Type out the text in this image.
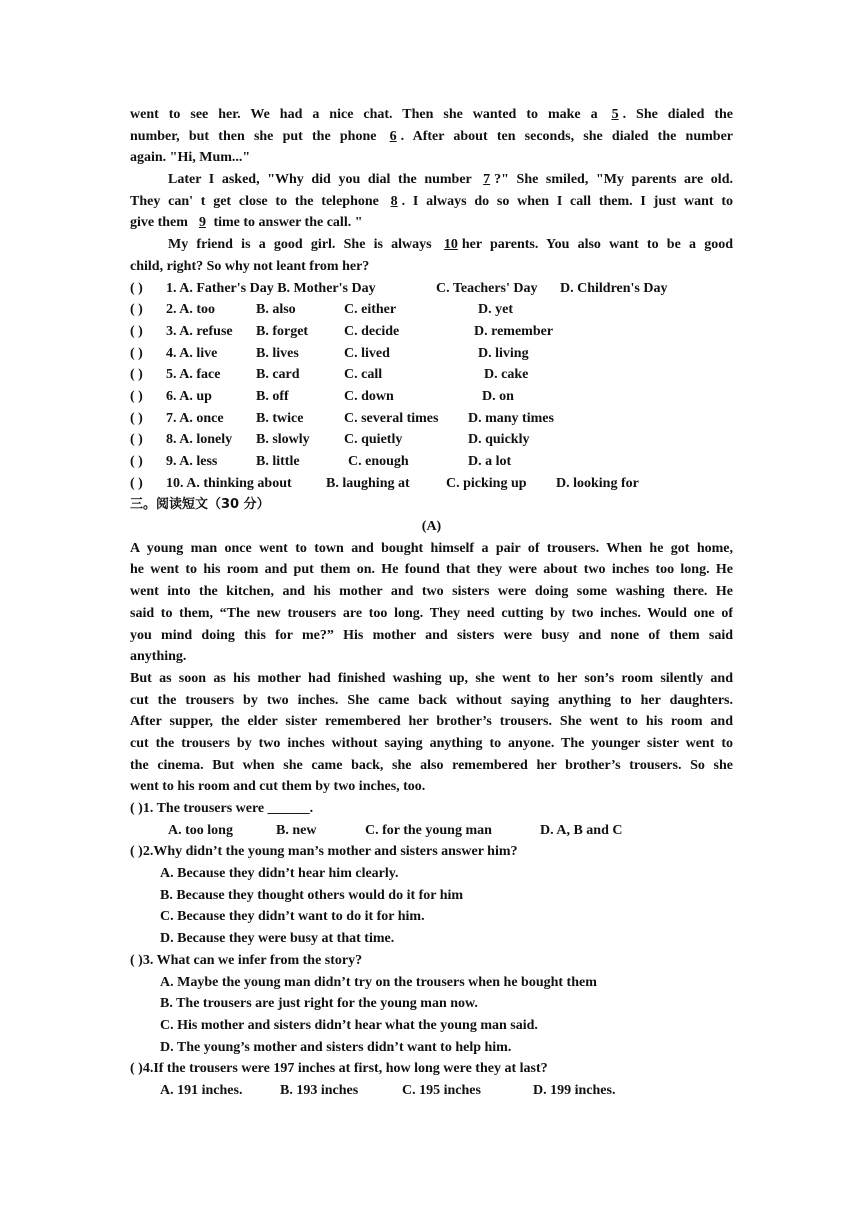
went to see her. We had a nice chat. Then she wanted to make a 5 . She dialed the
number, but then she put the phone 6 . After about ten seconds, she dialed the number
again. "Hi, Mum..."
Later I asked, "Why did you dial the number 7 ?" She smiled, "My parents are old.
They can' t get close to the telephone 8 . I always do so when I call them. I just want to
give them  9 time to answer the call. "
My friend is a good girl. She is always 10 her parents. You also want to be a good
child, right? So why not leant from her?
( )	1. A. Father's Day B. Mother's Day	C. Teachers' Day	D. Children's Day
( )	2. A. too	B. also	C. either	D. yet
( )	3. A. refuse	B. forget	C. decide	D. remember
( )	4. A. live	B. lives	C. lived	D. living
( )	5. A. face	B. card	C. call	D. cake
( )	6. A. up	B. off	C. down	D. on
( )	7. A. once	B. twice	C. several times	D. many times
( )	8. A. lonely	B. slowly	C. quietly	D. quickly
( )	9. A. less	B. little	C. enough	D. a lot
( )	10. A. thinking about	B. laughing at	C. picking up	D. looking for
三。阅读短文（30 分）
(A)
A young man once went to town and bought himself a pair of trousers. When he got home,
he went to his room and put them on. He found that they were about two inches too long. He
went into the kitchen, and his mother and two sisters were doing some washing there. He
said to them, “The new trousers are too long. They need cutting by two inches. Would one of
you mind doing this for me?” His mother and sisters were busy and none of them said
anything.
But as soon as his mother had finished washing up, she went to her son’s room silently and
cut the trousers by two inches. She came back without saying anything to her daughters.
After supper, the elder sister remembered her brother’s trousers. She went to his room and
cut the trousers by two inches without saying anything to anyone. The younger sister went to
the cinema. But when she came back, she also remembered her brother’s trousers. So she
went to his room and cut them by two inches, too.
( )1. The trousers were ______.
A. too long	B. new	C. for the young man	D. A, B and C
( )2.Why didn’t the young man’s mother and sisters answer him?
A. Because they didn’t hear him clearly.
B. Because they thought others would do it for him
C. Because they didn’t want to do it for him.
D. Because they were busy at that time.
( )3. What can we infer from the story?
A. Maybe the young man didn’t try on the trousers when he bought them
B. The trousers are just right for the young man now.
C. His mother and sisters didn’t hear what the young man said.
D. The young’s mother and sisters didn’t want to help him.
( )4.If the trousers were 197 inches at first, how long were they at last?
A. 191 inches.	B. 193 inches	C. 195 inches	D. 199 inches.
